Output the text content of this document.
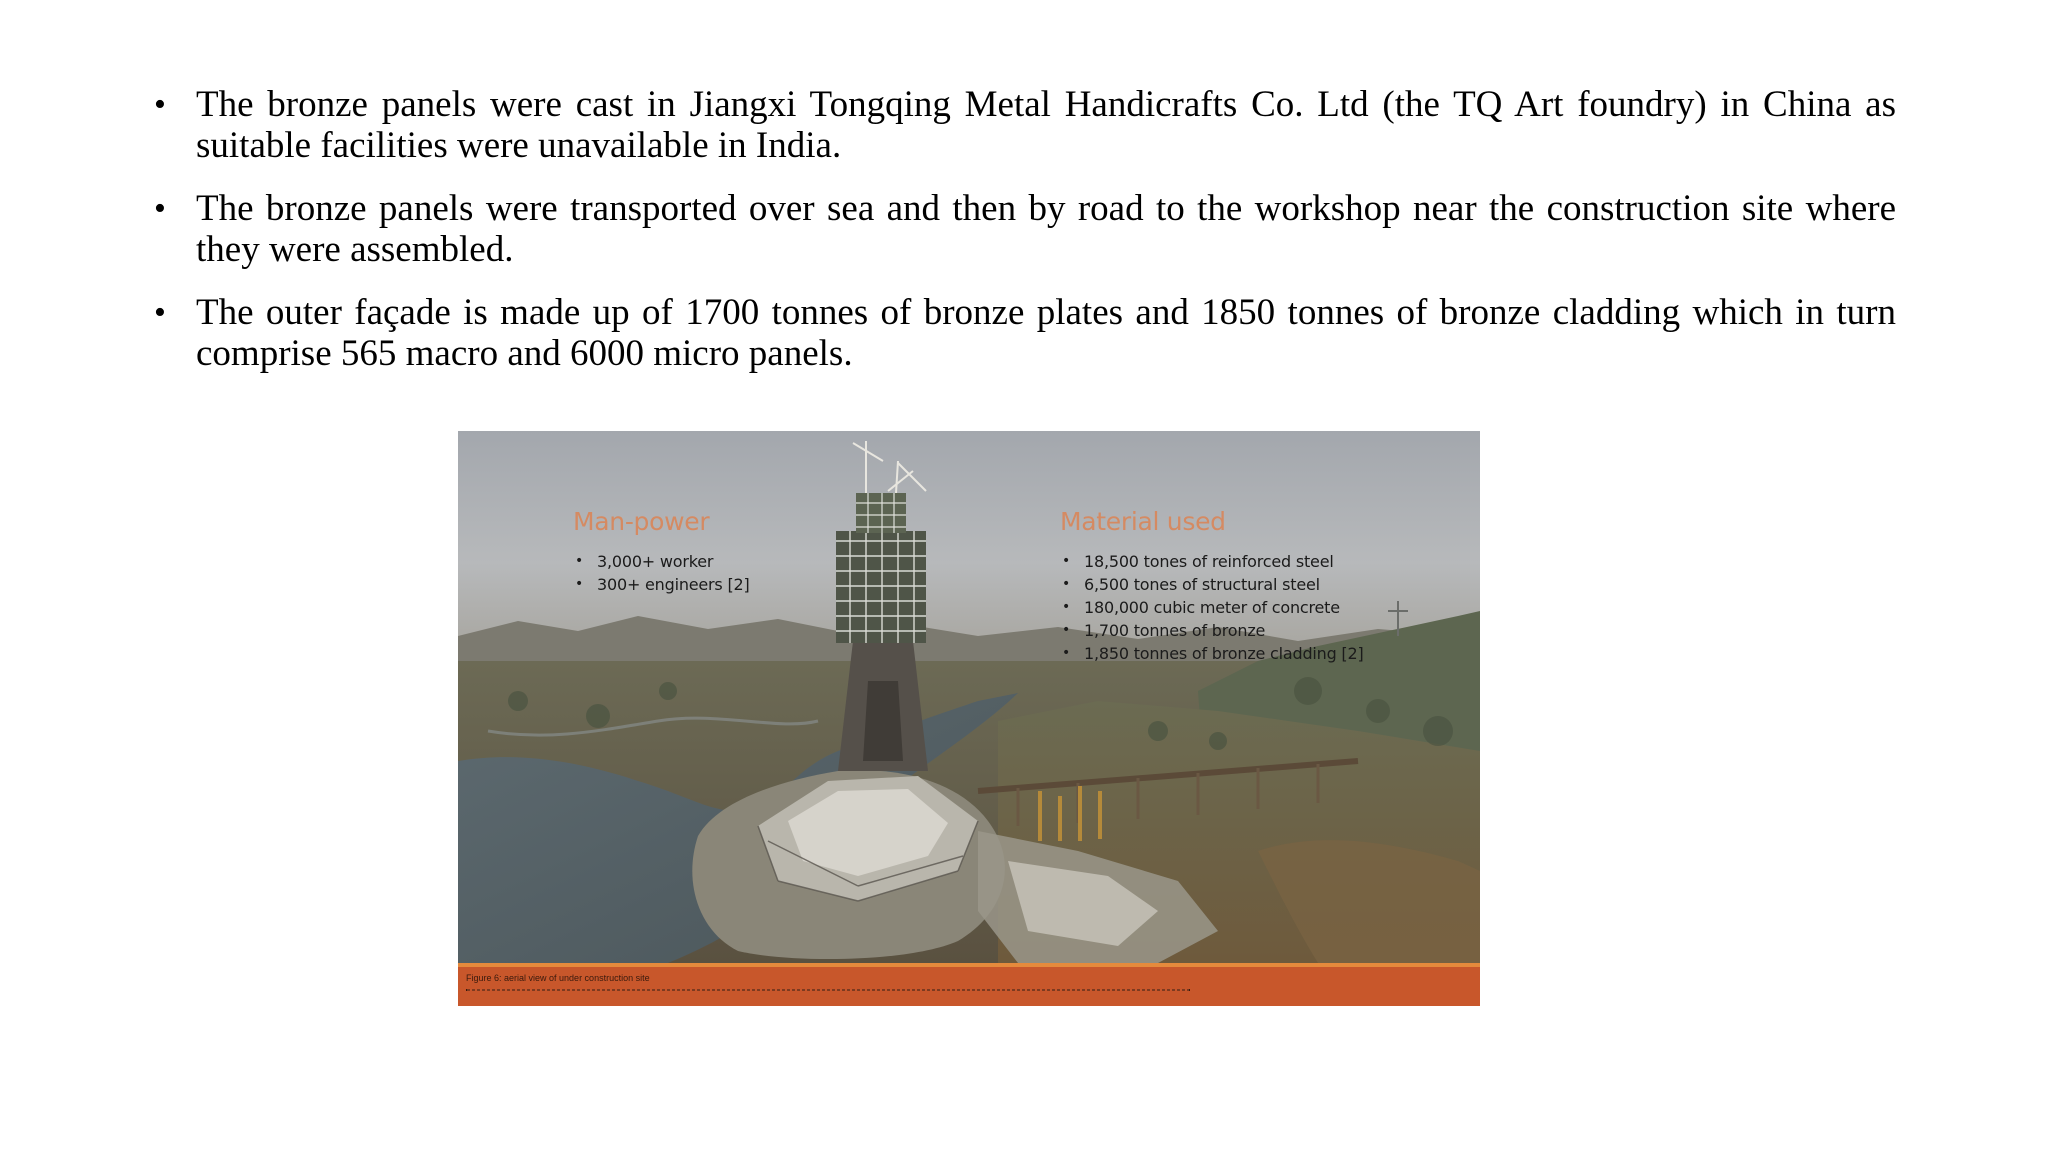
• The bronze panels were cast in Jiangxi Tongqing Metal Handicrafts Co. Ltd (the TQ Art foundry) in China as suitable facilities were unavailable in India.
• The bronze panels were transported over sea and then by road to the workshop near the construction site where they were assembled.
• The outer façade is made up of 1700 tonnes of bronze plates and 1850 tonnes of bronze cladding which in turn comprise 565 macro and 6000 micro panels.
Man-power
• 3,000+ worker
• 300+ engineers [2]
Material used
• 18,500 tones of reinforced steel
• 6,500 tones of structural steel
• 180,000 cubic meter of concrete
• 1,700 tonnes of bronze
• 1,850 tonnes of bronze cladding [2]
Figure 6: aerial view of under construction site
